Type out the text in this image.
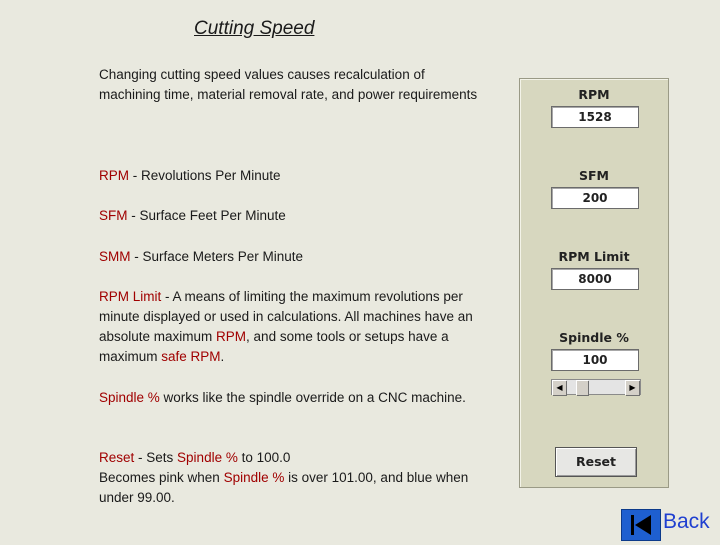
Cutting Speed
Changing cutting speed values causes recalculation of machining time, material removal rate, and power requirements
RPM - Revolutions Per Minute
SFM - Surface Feet Per Minute
SMM - Surface Meters Per Minute
RPM Limit - A means of limiting the maximum revolutions per minute displayed or used in calculations. All machines have an absolute maximum RPM, and some tools or setups have a maximum safe RPM.
Spindle % works like the spindle override on a CNC machine.
Reset - Sets Spindle % to 100.0
Becomes pink when Spindle % is over 101.00, and blue when under 99.00.
RPM
1528
SFM
200
RPM Limit
8000
Spindle %
100
◀	▶
Reset
Back
